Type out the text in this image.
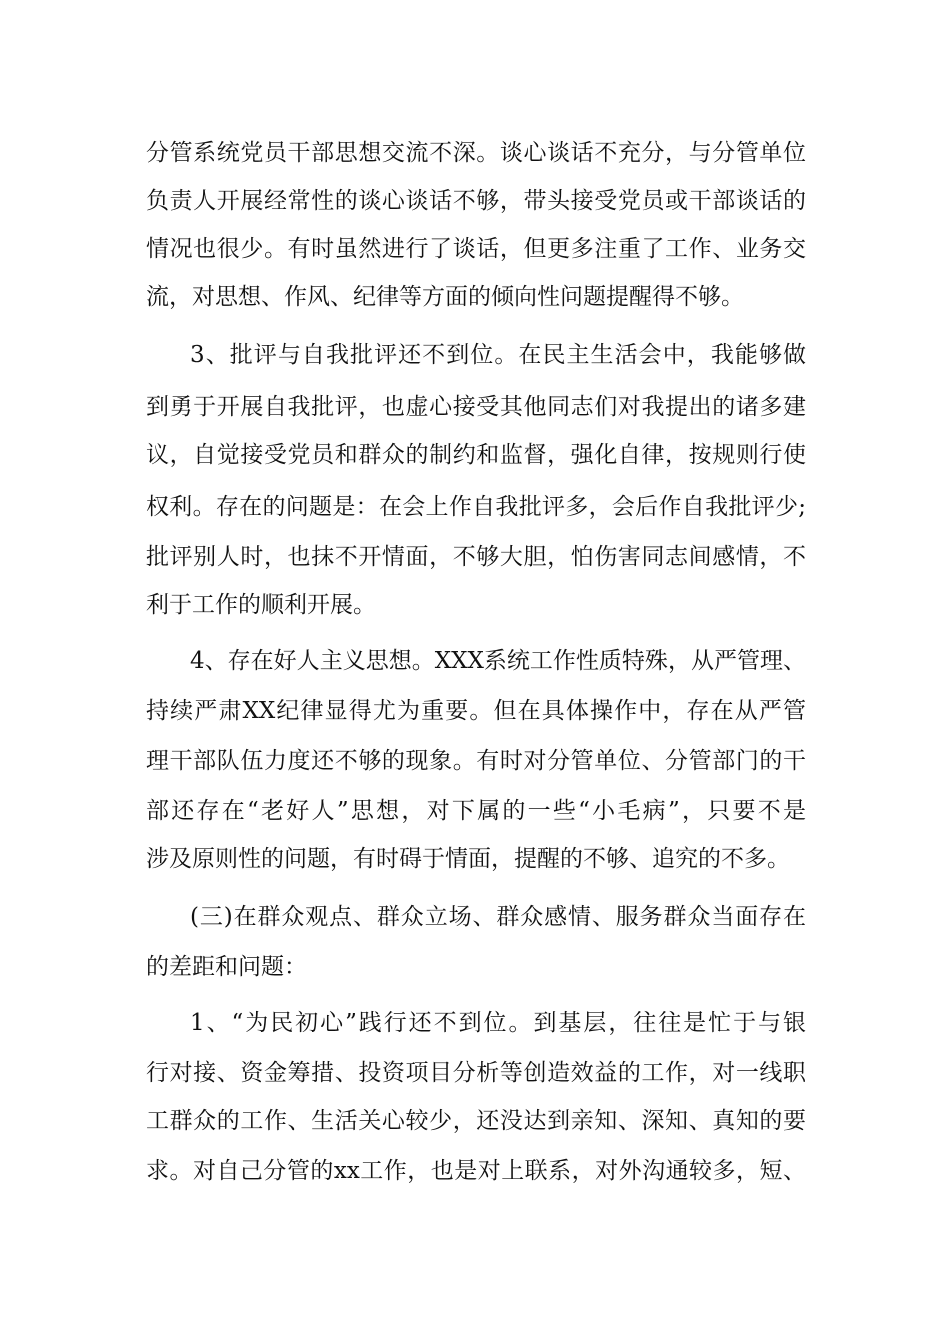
分管系统党员干部思想交流不深。谈心谈话不充分，与分管单位
负责人开展经常性的谈心谈话不够，带头接受党员或干部谈话的
情况也很少。有时虽然进行了谈话，但更多注重了工作、业务交
流，对思想、作风、纪律等方面的倾向性问题提醒得不够。
3、批评与自我批评还不到位。在民主生活会中，我能够做
到勇于开展自我批评，也虚心接受其他同志们对我提出的诸多建
议，自觉接受党员和群众的制约和监督，强化自律，按规则行使
权利。存在的问题是：在会上作自我批评多，会后作自我批评少;
批评别人时，也抹不开情面，不够大胆，怕伤害同志间感情，不
利于工作的顺利开展。
4、存在好人主义思想。XXX系统工作性质特殊，从严管理、
持续严肃XX纪律显得尤为重要。但在具体操作中，存在从严管
理干部队伍力度还不够的现象。有时对分管单位、分管部门的干
部还存在“老好人”思想，对下属的一些“小毛病”，只要不是
涉及原则性的问题，有时碍于情面，提醒的不够、追究的不多。
(三)在群众观点、群众立场、群众感情、服务群众当面存在
的差距和问题：
1、“为民初心”践行还不到位。到基层，往往是忙于与银
行对接、资金筹措、投资项目分析等创造效益的工作，对一线职
工群众的工作、生活关心较少，还没达到亲知、深知、真知的要
求。对自己分管的xx工作，也是对上联系，对外沟通较多，短、
